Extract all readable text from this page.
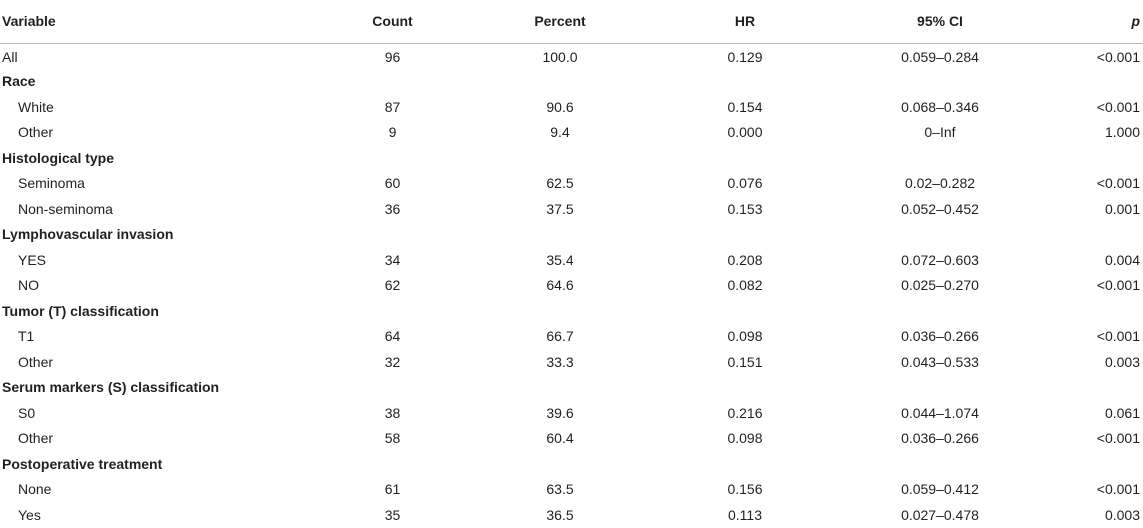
Variable	Count	Percent	HR	95% CI	p
All	96	100.0	0.129	0.059–0.284	<0.001
Race					
White	87	90.6	0.154	0.068–0.346	<0.001
Other	9	9.4	0.000	0–Inf	1.000
Histological type					
Seminoma	60	62.5	0.076	0.02–0.282	<0.001
Non-seminoma	36	37.5	0.153	0.052–0.452	0.001
Lymphovascular invasion					
YES	34	35.4	0.208	0.072–0.603	0.004
NO	62	64.6	0.082	0.025–0.270	<0.001
Tumor (T) classification					
T1	64	66.7	0.098	0.036–0.266	<0.001
Other	32	33.3	0.151	0.043–0.533	0.003
Serum markers (S) classification					
S0	38	39.6	0.216	0.044–1.074	0.061
Other	58	60.4	0.098	0.036–0.266	<0.001
Postoperative treatment					
None	61	63.5	0.156	0.059–0.412	<0.001
Yes	35	36.5	0.113	0.027–0.478	0.003
